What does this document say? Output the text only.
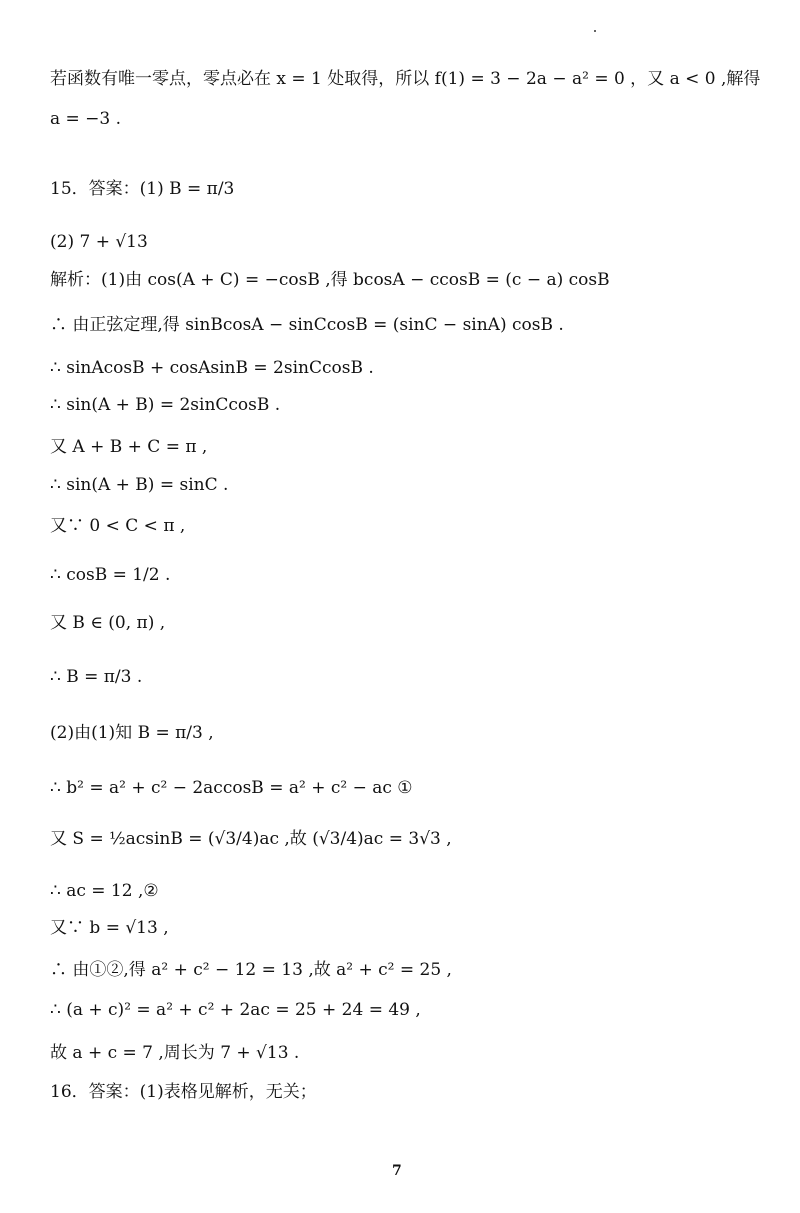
若函数有唯一零点，零点必在 x = 1 处取得，所以 f(1) = 3 − 2a − a² = 0 ，又 a < 0 ,解得
a = −3 .
15．答案：(1) B = π/3
(2) 7 + √13
解析：(1)由 cos(A + C) = −cosB ,得 bcosA − ccosB = (c − a) cosB
∴ 由正弦定理,得 sinBcosA − sinCcosB = (sinC − sinA) cosB .
∴ sinAcosB + cosAsinB = 2sinCcosB .
∴ sin(A + B) = 2sinCcosB .
又 A + B + C = π ,
∴ sin(A + B) = sinC .
又∵ 0 < C < π ,
∴ cosB = 1/2 .
又 B ∈ (0, π) ,
∴ B = π/3 .
(2)由(1)知 B = π/3 ,
∴ b² = a² + c² − 2accosB = a² + c² − ac ①
又 S = ½acsinB = (√3/4)ac ,故 (√3/4)ac = 3√3 ,
∴ ac = 12 ,②
又∵ b = √13 ,
∴ 由①②,得 a² + c² − 12 = 13 ,故 a² + c² = 25 ,
∴ (a + c)² = a² + c² + 2ac = 25 + 24 = 49 ,
故 a + c = 7 ,周长为 7 + √13 .
16．答案：(1)表格见解析，无关；
7
